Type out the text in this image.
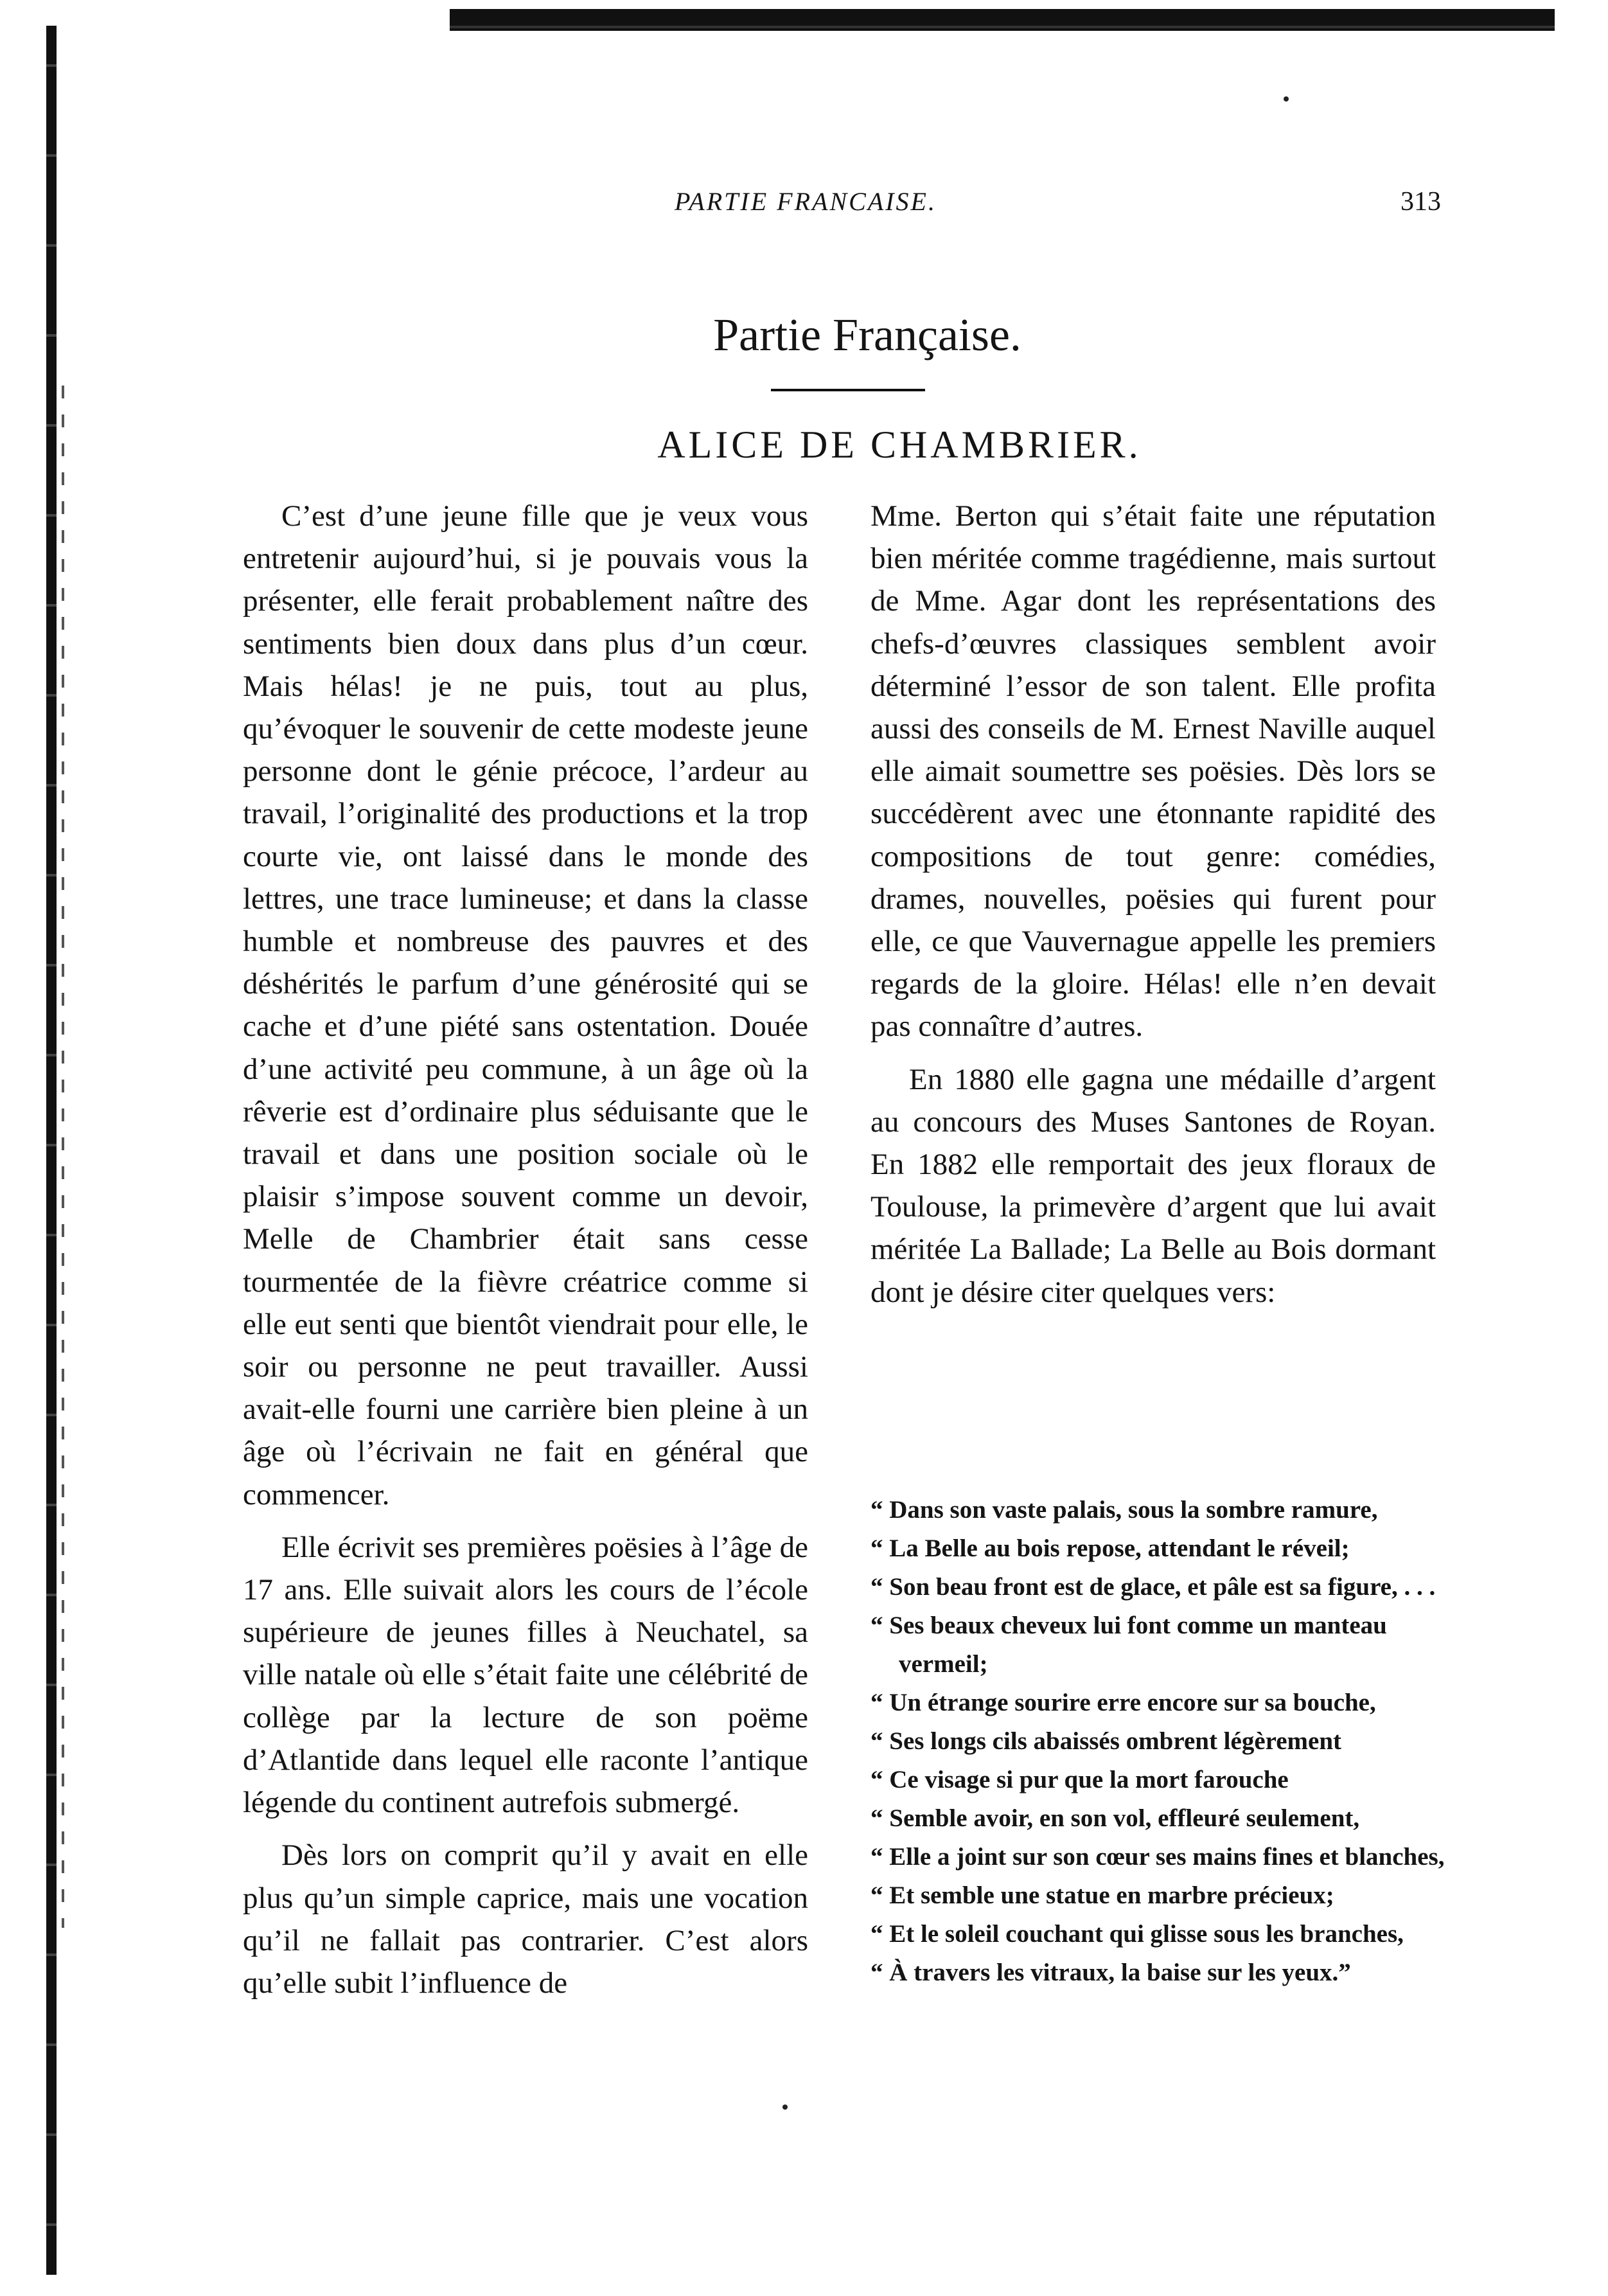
PARTIE FRANCAISE.	313
Partie Française.
ALICE DE CHAMBRIER.

C’est d’une jeune fille que je veux vous entretenir aujourd’hui, si je pouvais vous la présenter, elle ferait probablement naître des sentiments bien doux dans plus d’un cœur. Mais hélas! je ne puis, tout au plus, qu’évoquer le souvenir de cette modeste jeune personne dont le génie précoce, l’ardeur au travail, l’originalité des productions et la trop courte vie, ont laissé dans le monde des lettres, une trace lumineuse; et dans la classe humble et nombreuse des pauvres et des déshérités le parfum d’une générosité qui se cache et d’une piété sans ostentation. Douée d’une activité peu commune, à un âge où la rêverie est d’ordinaire plus séduisante que le travail et dans une position sociale où le plaisir s’impose souvent comme un devoir, Melle de Chambrier était sans cesse tourmentée de la fièvre créatrice comme si elle eut senti que bientôt viendrait pour elle, le soir ou personne ne peut travailler. Aussi avait-elle fourni une carrière bien pleine à un âge où l’écrivain ne fait en général que commencer.

Elle écrivit ses premières poësies à l’âge de 17 ans. Elle suivait alors les cours de l’école supérieure de jeunes filles à Neuchatel, sa ville natale où elle s’était faite une célébrité de collège par la lecture de son poëme d’Atlantide dans lequel elle raconte l’antique légende du continent autrefois submergé.

Dès lors on comprit qu’il y avait en elle plus qu’un simple caprice, mais une vocation qu’il ne fallait pas contrarier. C’est alors qu’elle subit l’influence de

Mme. Berton qui s’était faite une réputation bien méritée comme tragédienne, mais surtout de Mme. Agar dont les représentations des chefs-d’œuvres classiques semblent avoir déterminé l’essor de son talent. Elle profita aussi des conseils de M. Ernest Naville auquel elle aimait soumettre ses poësies. Dès lors se succédèrent avec une étonnante rapidité des compositions de tout genre: comédies, drames, nouvelles, poësies qui furent pour elle, ce que Vauvernague appelle les premiers regards de la gloire. Hélas! elle n’en devait pas connaître d’autres.

En 1880 elle gagna une médaille d’argent au concours des Muses Santones de Royan. En 1882 elle remportait des jeux floraux de Toulouse, la primevère d’argent que lui avait méritée La Ballade; La Belle au Bois dormant dont je désire citer quelques vers:

“ Dans son vaste palais, sous la sombre ramure,
“ La Belle au bois repose, attendant le réveil;
“ Son beau front est de glace, et pâle est sa figure, . . .
“ Ses beaux cheveux lui font comme un manteau vermeil;
“ Un étrange sourire erre encore sur sa bouche,
“ Ses longs cils abaissés ombrent légèrement
“ Ce visage si pur que la mort farouche
“ Semble avoir, en son vol, effleuré seulement,
“ Elle a joint sur son cœur ses mains fines et blanches,
“ Et semble une statue en marbre précieux;
“ Et le soleil couchant qui glisse sous les branches,
“ À travers les vitraux, la baise sur les yeux.”
